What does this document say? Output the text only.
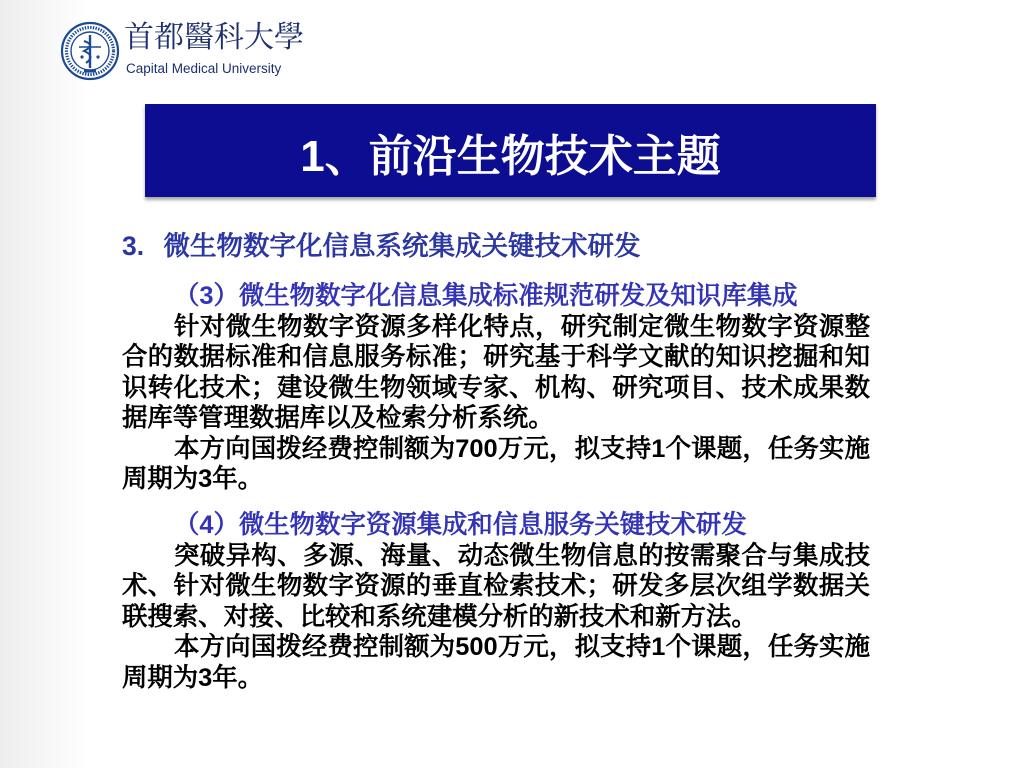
首都醫科大學
Capital Medical University
1、前沿生物技术主题
3. 微生物数字化信息系统集成关键技术研发
（3）微生物数字化信息集成标准规范研发及知识库集成
针对微生物数字资源多样化特点，研究制定微生物数字资源整
合的数据标准和信息服务标准；研究基于科学文献的知识挖掘和知
识转化技术；建设微生物领域专家、机构、研究项目、技术成果数
据库等管理数据库以及检索分析系统。
本方向国拨经费控制额为700万元，拟支持1个课题，任务实施
周期为3年。
（4）微生物数字资源集成和信息服务关键技术研发
突破异构、多源、海量、动态微生物信息的按需聚合与集成技
术、针对微生物数字资源的垂直检索技术；研发多层次组学数据关
联搜索、对接、比较和系统建模分析的新技术和新方法。
本方向国拨经费控制额为500万元，拟支持1个课题，任务实施
周期为3年。
